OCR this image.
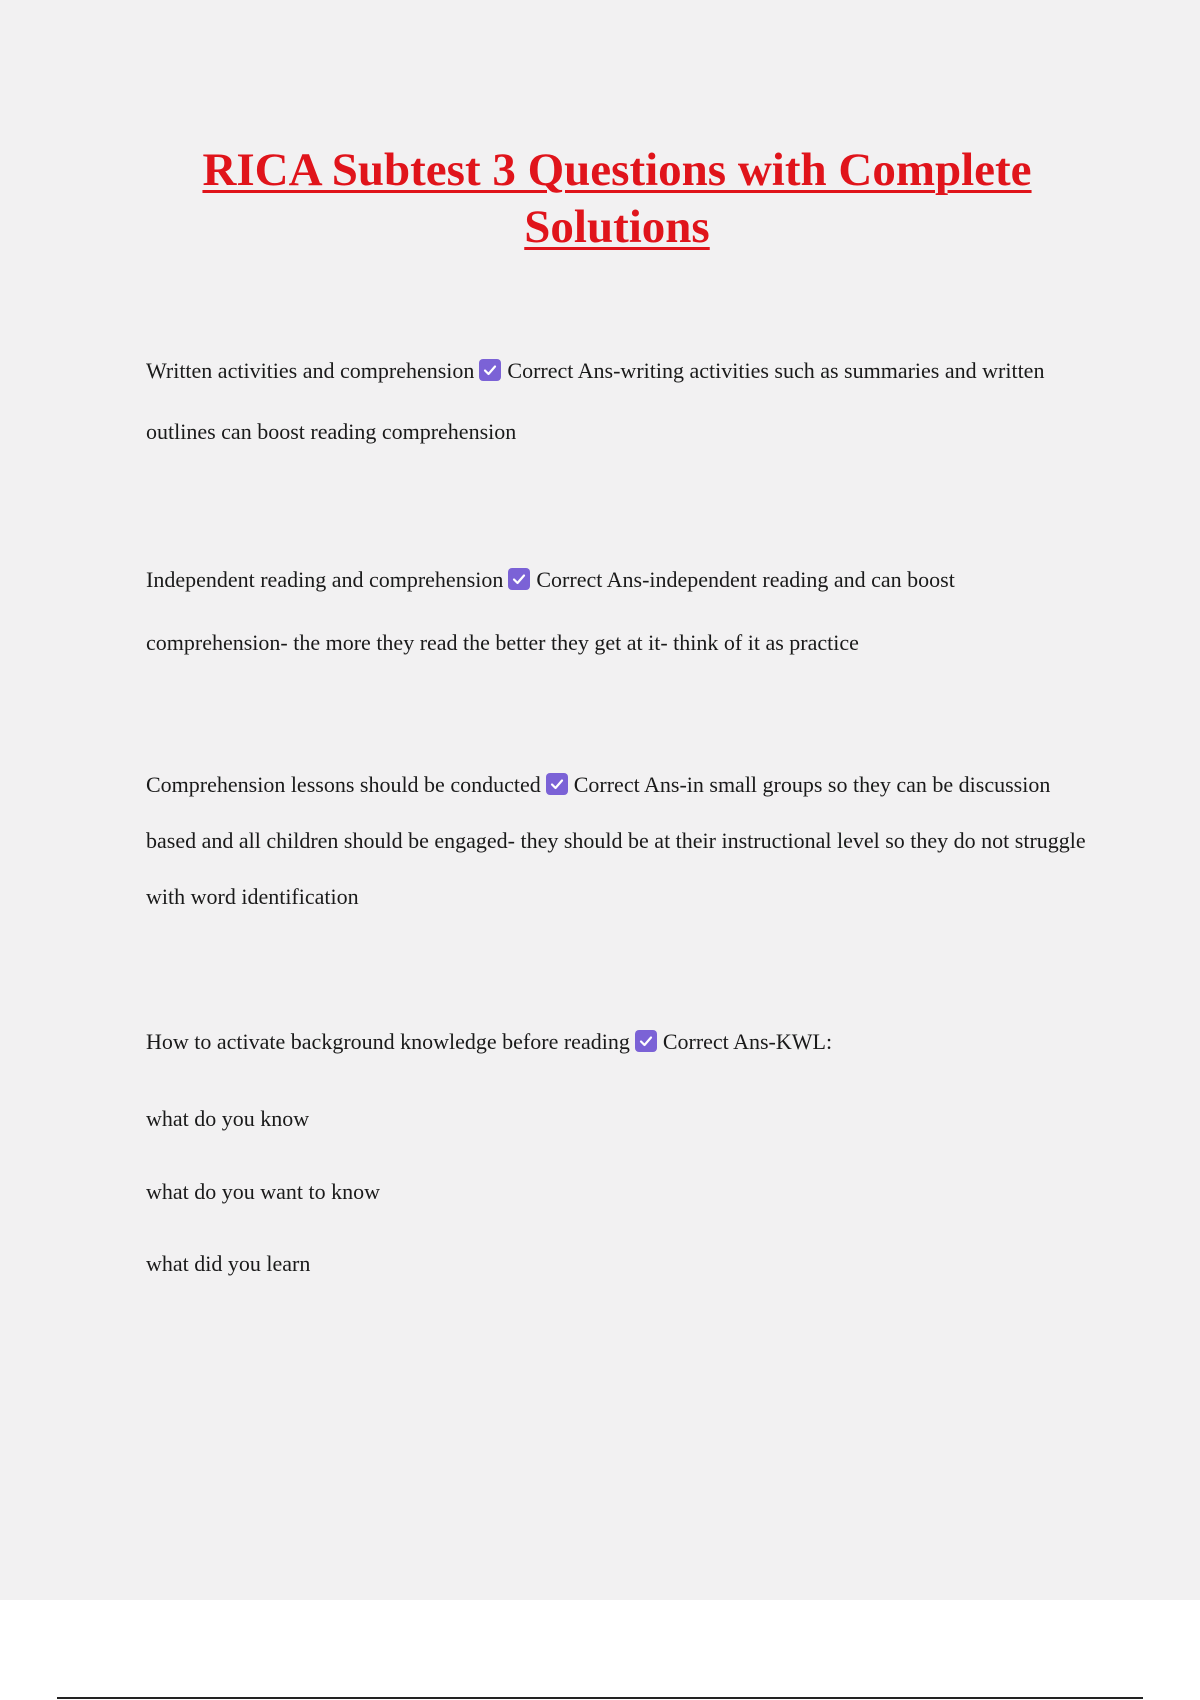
RICA Subtest 3 Questions with Complete Solutions

Written activities and comprehension Correct Ans-writing activities such as summaries and written outlines can boost reading comprehension

Independent reading and comprehension Correct Ans-independent reading and can boost comprehension- the more they read the better they get at it- think of it as practice

Comprehension lessons should be conducted Correct Ans-in small groups so they can be discussion based and all children should be engaged- they should be at their instructional level so they do not struggle with word identification

How to activate background knowledge before reading Correct Ans-KWL:

what do you know

what do you want to know

what did you learn
